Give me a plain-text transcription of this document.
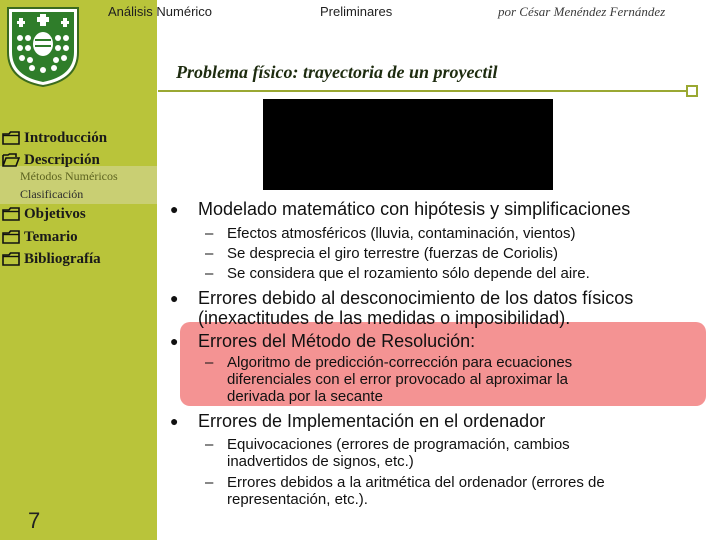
Introducción
Descripción
Métodos Numéricos
Clasificación
Objetivos
Temario
Bibliografía
7
Análisis Numérico	Preliminares	por César Menéndez Fernández
Problema físico: trayectoria de un proyectil
●	Modelado matemático con hipótesis y simplificaciones
– Efectos atmosféricos (lluvia, contaminación, vientos)
– Se desprecia el giro terrestre (fuerzas de Coriolis)
– Se considera que el rozamiento sólo depende del aire.
●	Errores debido al desconocimiento de los datos físicos
(inexactitudes de las medidas o imposibilidad).
●	Errores del Método de Resolución:
– Algoritmo de predicción-corrección para ecuaciones
diferenciales con el error provocado al aproximar la
derivada por la secante
●	Errores de Implementación en el ordenador
– Equivocaciones (errores de programación, cambios
inadvertidos de signos, etc.)
– Errores debidos a la aritmética del ordenador (errores de
representación, etc.).
